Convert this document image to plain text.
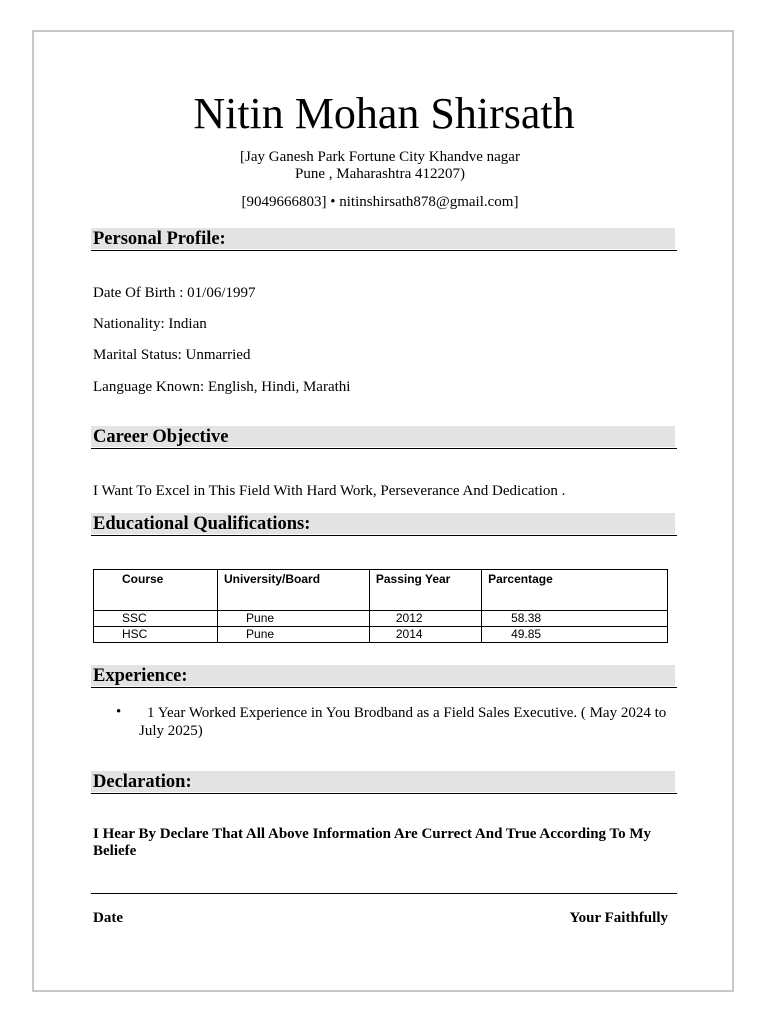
Nitin Mohan Shirsath
[Jay Ganesh Park Fortune City Khandve nagar
Pune , Maharashtra 412207)
[9049666803] • nitinshirsath878@gmail.com]
Personal Profile:
Date Of Birth : 01/06/1997
Nationality: Indian
Marital Status: Unmarried
Language Known: English, Hindi, Marathi
Career Objective
I Want To Excel in This Field With Hard Work, Perseverance And Dedication .
Educational Qualifications:
Course	University/Board	Passing Year	Parcentage
SSC	Pune	2012	58.38
HSC	Pune	2014	49.85
Experience:
•	1 Year Worked Experience in You Brodband as a Field Sales Executive. ( May 2024 to July 2025)
Declaration:
I Hear By Declare That All Above Information Are Currect And True According To My Beliefe
Date	Your Faithfully
